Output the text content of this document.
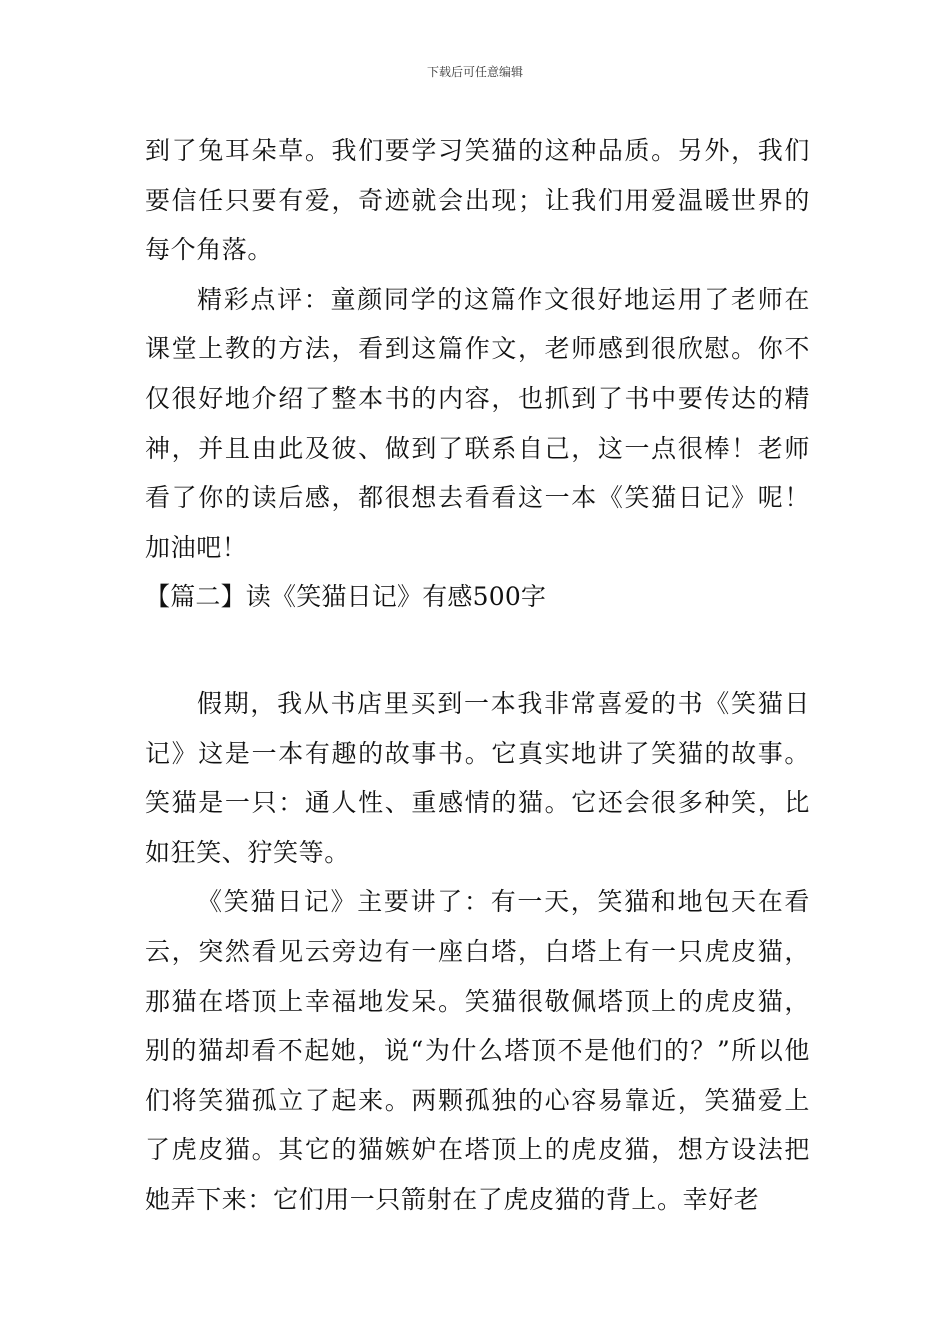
下载后可任意编辑

到了兔耳朵草。我们要学习笑猫的这种品质。另外，我们要信任只要有爱，奇迹就会出现；让我们用爱温暖世界的每个角落。

精彩点评：童颜同学的这篇作文很好地运用了老师在课堂上教的方法，看到这篇作文，老师感到很欣慰。你不仅很好地介绍了整本书的内容，也抓到了书中要传达的精神，并且由此及彼、做到了联系自己，这一点很棒！老师看了你的读后感，都很想去看看这一本《笑猫日记》呢！加油吧！

【篇二】读《笑猫日记》有感500字

假期，我从书店里买到一本我非常喜爱的书《笑猫日记》这是一本有趣的故事书。它真实地讲了笑猫的故事。笑猫是一只：通人性、重感情的猫。它还会很多种笑，比如狂笑、狞笑等。

《笑猫日记》主要讲了：有一天，笑猫和地包天在看云，突然看见云旁边有一座白塔，白塔上有一只虎皮猫，那猫在塔顶上幸福地发呆。笑猫很敬佩塔顶上的虎皮猫，别的猫却看不起她，说“为什么塔顶不是他们的？”所以他们将笑猫孤立了起来。两颗孤独的心容易靠近，笑猫爱上了虎皮猫。其它的猫嫉妒在塔顶上的虎皮猫，想方设法把她弄下来：它们用一只箭射在了虎皮猫的背上。幸好老
